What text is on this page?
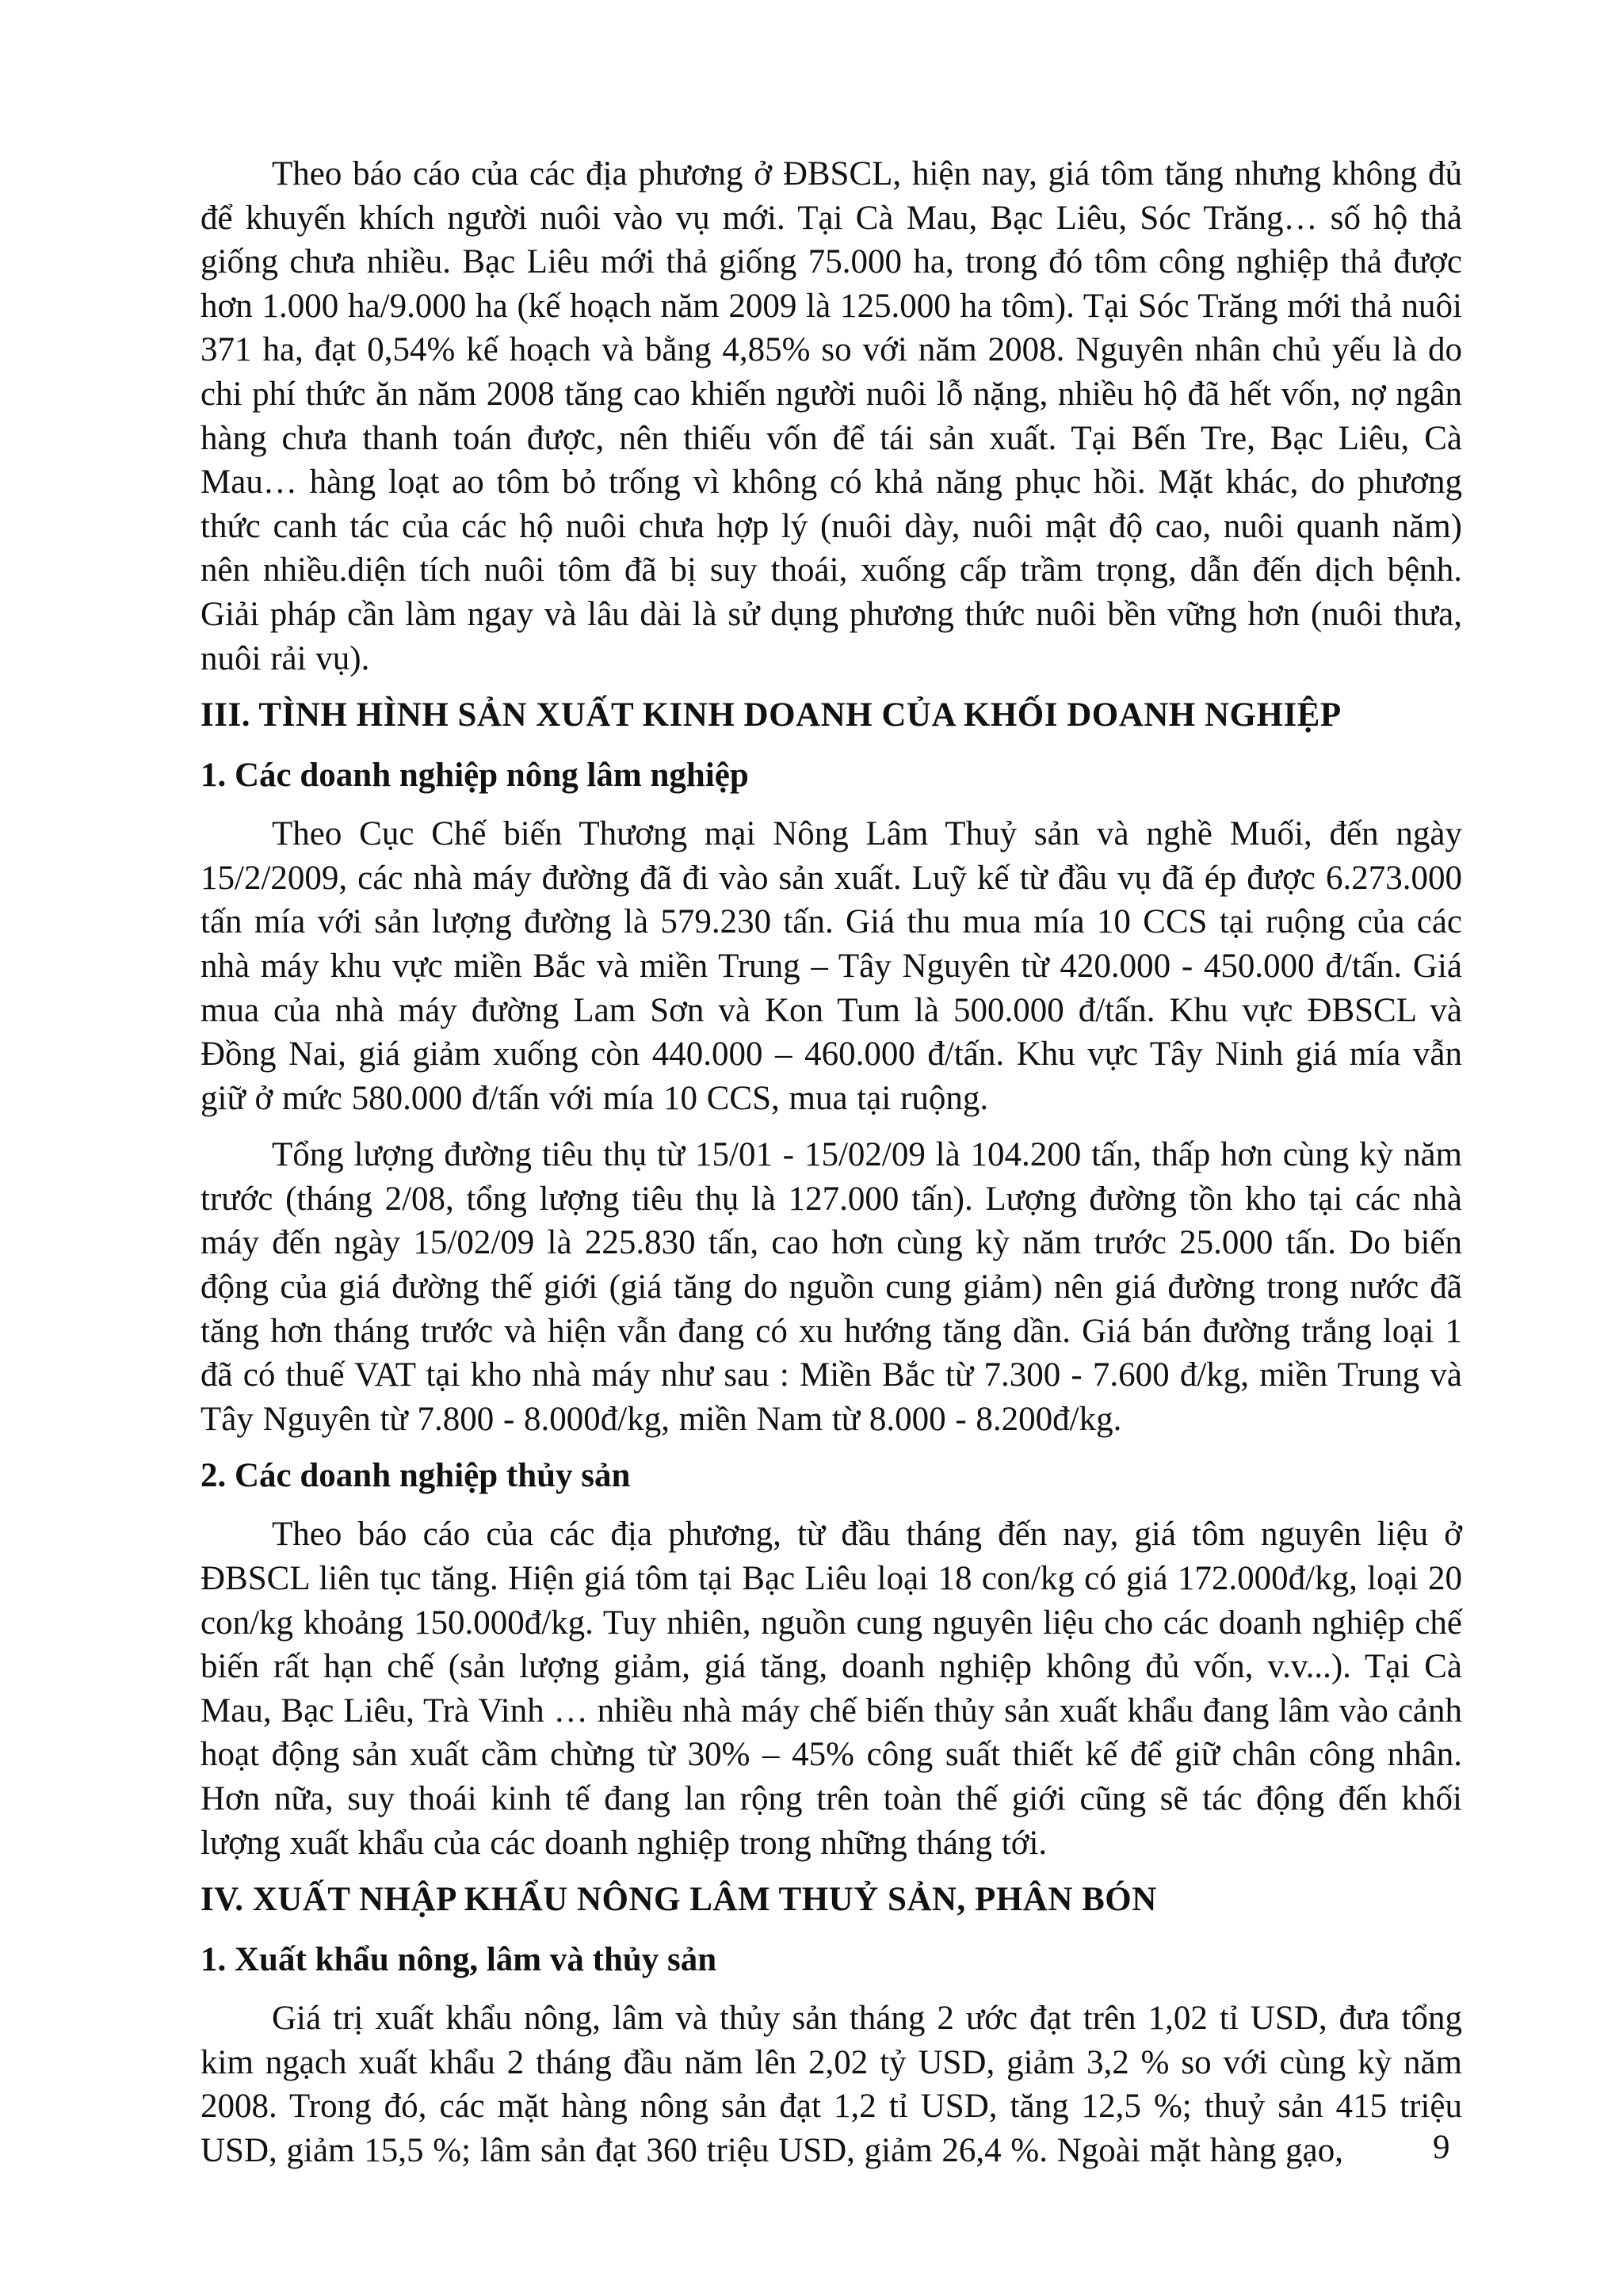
Theo báo cáo của các địa phương ở ĐBSCL, hiện nay, giá tôm tăng nhưng không đủ để khuyến khích người nuôi vào vụ mới. Tại Cà Mau, Bạc Liêu, Sóc Trăng… số hộ thả giống chưa nhiều. Bạc Liêu mới thả giống 75.000 ha, trong đó tôm công nghiệp thả được hơn 1.000 ha/9.000 ha (kế hoạch năm 2009 là 125.000 ha tôm). Tại Sóc Trăng mới thả nuôi 371 ha, đạt 0,54% kế hoạch và bằng 4,85% so với năm 2008. Nguyên nhân chủ yếu là do chi phí thức ăn năm 2008 tăng cao khiến người nuôi lỗ nặng, nhiều hộ đã hết vốn, nợ ngân hàng chưa thanh toán được, nên thiếu vốn để tái sản xuất. Tại Bến Tre, Bạc Liêu, Cà Mau… hàng loạt ao tôm bỏ trống vì không có khả năng phục hồi. Mặt khác, do phương thức canh tác của các hộ nuôi chưa hợp lý (nuôi dày, nuôi mật độ cao, nuôi quanh năm) nên nhiều.diện tích nuôi tôm đã bị suy thoái, xuống cấp trầm trọng, dẫn đến dịch bệnh. Giải pháp cần làm ngay và lâu dài là sử dụng phương thức nuôi bền vững hơn (nuôi thưa, nuôi rải vụ).

III. TÌNH HÌNH SẢN XUẤT KINH DOANH CỦA KHỐI DOANH NGHIỆP
1. Các doanh nghiệp nông lâm nghiệp

Theo Cục Chế biến Thương mại Nông Lâm Thuỷ sản và nghề Muối, đến ngày 15/2/2009, các nhà máy đường đã đi vào sản xuất. Luỹ kế từ đầu vụ đã ép được 6.273.000 tấn mía với sản lượng đường là 579.230 tấn. Giá thu mua mía 10 CCS tại ruộng của các nhà máy khu vực miền Bắc và miền Trung – Tây Nguyên từ 420.000 - 450.000 đ/tấn. Giá mua của nhà máy đường Lam Sơn và Kon Tum là 500.000 đ/tấn. Khu vực ĐBSCL và Đồng Nai, giá giảm xuống còn 440.000 – 460.000 đ/tấn. Khu vực Tây Ninh giá mía vẫn giữ ở mức 580.000 đ/tấn với mía 10 CCS, mua tại ruộng.

Tổng lượng đường tiêu thụ từ 15/01 - 15/02/09 là 104.200 tấn, thấp hơn cùng kỳ năm trước (tháng 2/08, tổng lượng tiêu thụ là 127.000 tấn). Lượng đường tồn kho tại các nhà máy đến ngày 15/02/09 là 225.830 tấn, cao hơn cùng kỳ năm trước 25.000 tấn. Do biến động của giá đường thế giới (giá tăng do nguồn cung giảm) nên giá đường trong nước đã tăng hơn tháng trước và hiện vẫn đang có xu hướng tăng dần. Giá bán đường trắng loại 1 đã có thuế VAT tại kho nhà máy như sau : Miền Bắc từ 7.300 - 7.600 đ/kg, miền Trung và Tây Nguyên từ 7.800 - 8.000đ/kg, miền Nam từ 8.000 - 8.200đ/kg.

2. Các doanh nghiệp thủy sản

Theo báo cáo của các địa phương, từ đầu tháng đến nay, giá tôm nguyên liệu ở ĐBSCL liên tục tăng. Hiện giá tôm tại Bạc Liêu loại 18 con/kg có giá 172.000đ/kg, loại 20 con/kg khoảng 150.000đ/kg. Tuy nhiên, nguồn cung nguyên liệu cho các doanh nghiệp chế biến rất hạn chế (sản lượng giảm, giá tăng, doanh nghiệp không đủ vốn, v.v...). Tại Cà Mau, Bạc Liêu, Trà Vinh … nhiều nhà máy chế biến thủy sản xuất khẩu đang lâm vào cảnh hoạt động sản xuất cầm chừng từ 30% – 45% công suất thiết kế để giữ chân công nhân. Hơn nữa, suy thoái kinh tế đang lan rộng trên toàn thế giới cũng sẽ tác động đến khối lượng xuất khẩu của các doanh nghiệp trong những tháng tới.

IV. XUẤT NHẬP KHẨU NÔNG LÂM THUỶ SẢN, PHÂN BÓN
1. Xuất khẩu nông, lâm và thủy sản

Giá trị xuất khẩu nông, lâm và thủy sản tháng 2 ước đạt trên 1,02 tỉ USD, đưa tổng kim ngạch xuất khẩu 2 tháng đầu năm lên 2,02 tỷ USD, giảm 3,2 % so với cùng kỳ năm 2008. Trong đó, các mặt hàng nông sản đạt 1,2 tỉ USD, tăng 12,5 %; thuỷ sản 415 triệu USD, giảm 15,5 %; lâm sản đạt 360 triệu USD, giảm 26,4 %. Ngoài mặt hàng gạo,	9
